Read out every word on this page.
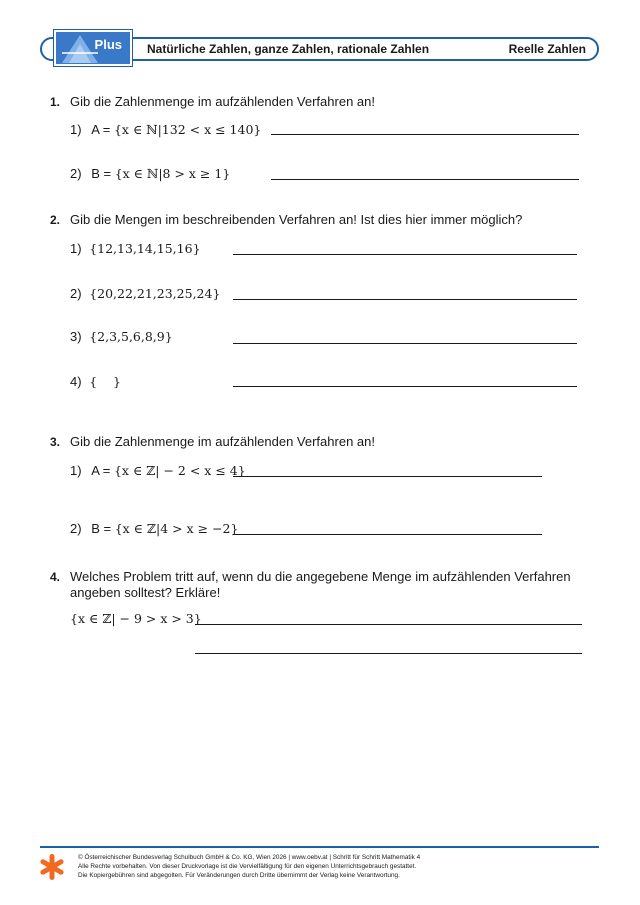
Plus Natürliche Zahlen, ganze Zahlen, rationale Zahlen	Reelle Zahlen
1. Gib die Zahlenmenge im aufzählenden Verfahren an!
1) A = {x ∈ ℕ|132 < x ≤ 140}
2) B = {x ∈ ℕ|8 > x ≥ 1}
2. Gib die Mengen im beschreibenden Verfahren an! Ist dies hier immer möglich?
1) {12,13,14,15,16}
2) {20,22,21,23,25,24}
3) {2,3,5,6,8,9}
4) {    }
3. Gib die Zahlenmenge im aufzählenden Verfahren an!
1) A = {x ∈ ℤ| − 2 < x ≤ 4}
2) B = {x ∈ ℤ|4 > x ≥ −2}
4. Welches Problem tritt auf, wenn du die angegebene Menge im aufzählenden Verfahren
angeben solltest? Erkläre!
{x ∈ ℤ| − 9 > x > 3}
© Österreichischer Bundesverlag Schulbuch GmbH & Co. KG, Wien 2026 | www.oebv.at | Schritt für Schritt Mathematik 4
Alle Rechte vorbehalten. Von dieser Druckvorlage ist die Vervielfältigung für den eigenen Unterrichtsgebrauch gestattet.
Die Kopiergebühren sind abgegolten. Für Veränderungen durch Dritte übernimmt der Verlag keine Verantwortung.
